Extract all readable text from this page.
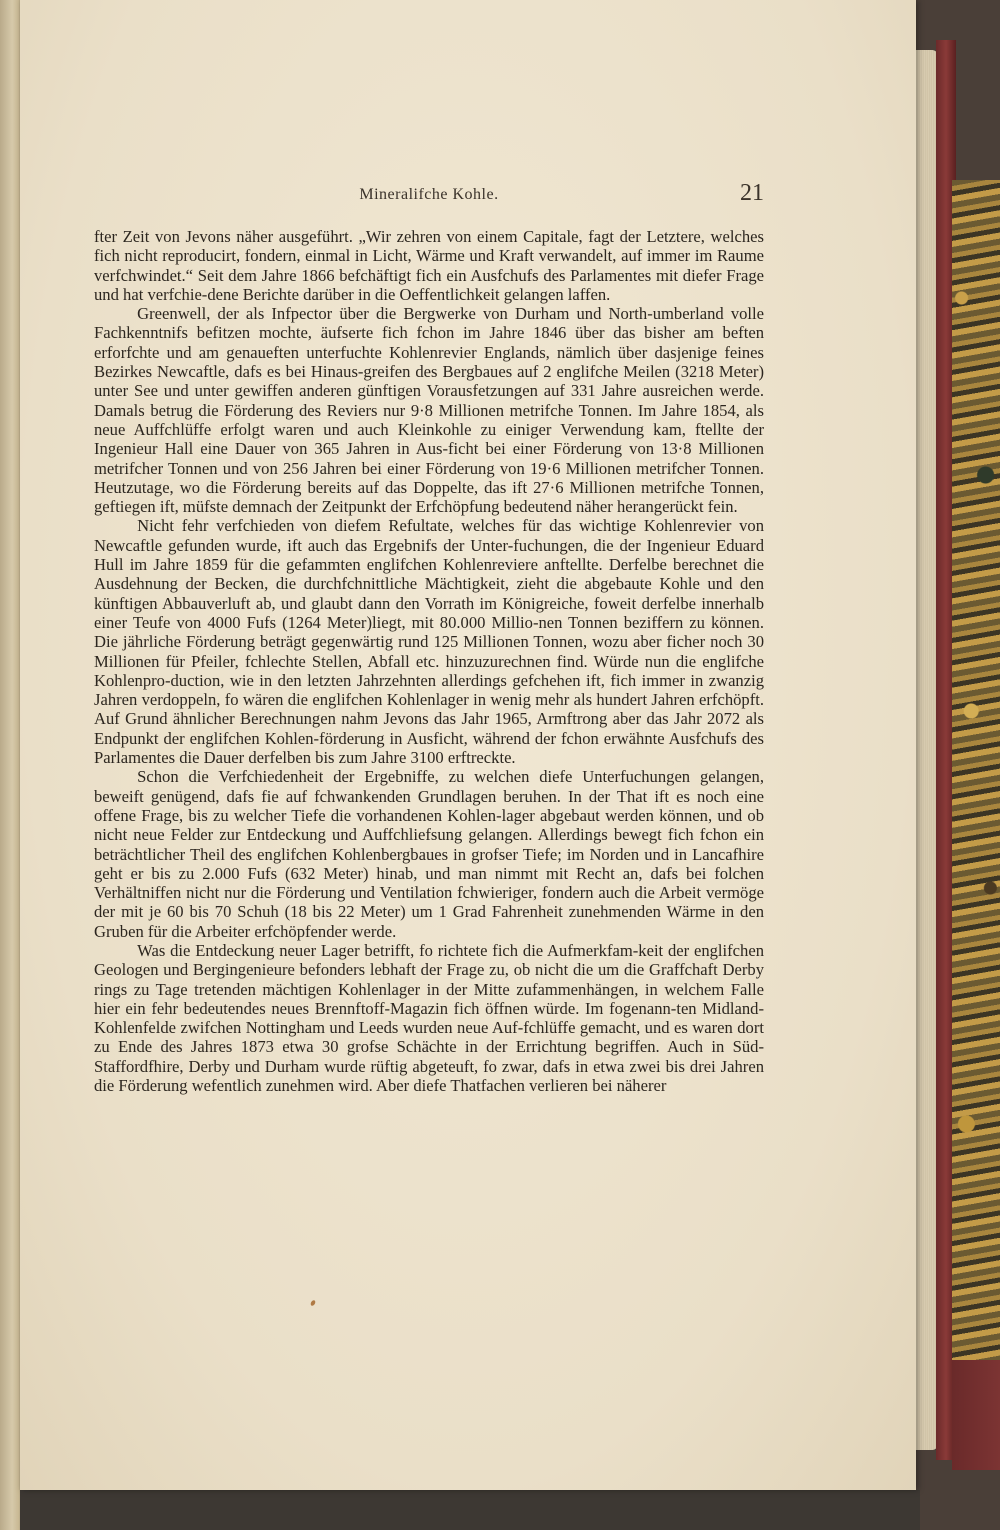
Mineralifche Kohle.	21

fter Zeit von Jevons näher ausgeführt. „Wir zehren von einem Capitale, fagt der Letztere, welches fich nicht reproducirt, fondern, einmal in Licht, Wärme und Kraft verwandelt, auf immer im Raume verfchwindet.“ Seit dem Jahre 1866 befchäftigt fich ein Ausfchufs des Parlamentes mit diefer Frage und hat verfchie-dene Berichte darüber in die Oeffentlichkeit gelangen laffen.

Greenwell, der als Infpector über die Bergwerke von Durham und North-umberland volle Fachkenntnifs befitzen mochte, äufserte fich fchon im Jahre 1846 über das bisher am beften erforfchte und am genaueften unterfuchte Kohlenrevier Englands, nämlich über dasjenige feines Bezirkes Newcaftle, dafs es bei Hinaus-greifen des Bergbaues auf 2 englifche Meilen (3218 Meter) unter See und unter gewiffen anderen günftigen Vorausfetzungen auf 331 Jahre ausreichen werde. Damals betrug die Förderung des Reviers nur 9·8 Millionen metrifche Tonnen. Im Jahre 1854, als neue Auffchlüffe erfolgt waren und auch Kleinkohle zu einiger Verwendung kam, ftellte der Ingenieur Hall eine Dauer von 365 Jahren in Aus-ficht bei einer Förderung von 13·8 Millionen metrifcher Tonnen und von 256 Jahren bei einer Förderung von 19·6 Millionen metrifcher Tonnen. Heutzutage, wo die Förderung bereits auf das Doppelte, das ift 27·6 Millionen metrifche Tonnen, geftiegen ift, müfste demnach der Zeitpunkt der Erfchöpfung bedeutend näher herangerückt fein.

Nicht fehr verfchieden von diefem Refultate, welches für das wichtige Kohlenrevier von Newcaftle gefunden wurde, ift auch das Ergebnifs der Unter-fuchungen, die der Ingenieur Eduard Hull im Jahre 1859 für die gefammten englifchen Kohlenreviere anftellte. Derfelbe berechnet die Ausdehnung der Becken, die durchfchnittliche Mächtigkeit, zieht die abgebaute Kohle und den künftigen Abbauverluft ab, und glaubt dann den Vorrath im Königreiche, foweit derfelbe innerhalb einer Teufe von 4000 Fufs (1264 Meter)liegt, mit 80.000 Millio-nen Tonnen beziffern zu können. Die jährliche Förderung beträgt gegenwärtig rund 125 Millionen Tonnen, wozu aber ficher noch 30 Millionen für Pfeiler, fchlechte Stellen, Abfall etc. hinzuzurechnen find. Würde nun die englifche Kohlenpro-duction, wie in den letzten Jahrzehnten allerdings gefchehen ift, fich immer in zwanzig Jahren verdoppeln, fo wären die englifchen Kohlenlager in wenig mehr als hundert Jahren erfchöpft. Auf Grund ähnlicher Berechnungen nahm Jevons das Jahr 1965, Armftrong aber das Jahr 2072 als Endpunkt der englifchen Kohlen-förderung in Ausficht, während der fchon erwähnte Ausfchufs des Parlamentes die Dauer derfelben bis zum Jahre 3100 erftreckte.

Schon die Verfchiedenheit der Ergebniffe, zu welchen diefe Unterfuchungen gelangen, beweift genügend, dafs fie auf fchwankenden Grundlagen beruhen. In der That ift es noch eine offene Frage, bis zu welcher Tiefe die vorhandenen Kohlen-lager abgebaut werden können, und ob nicht neue Felder zur Entdeckung und Auffchliefsung gelangen. Allerdings bewegt fich fchon ein beträchtlicher Theil des englifchen Kohlenbergbaues in grofser Tiefe; im Norden und in Lancafhire geht er bis zu 2.000 Fufs (632 Meter) hinab, und man nimmt mit Recht an, dafs bei folchen Verhältniffen nicht nur die Förderung und Ventilation fchwieriger, fondern auch die Arbeit vermöge der mit je 60 bis 70 Schuh (18 bis 22 Meter) um 1 Grad Fahrenheit zunehmenden Wärme in den Gruben für die Arbeiter erfchöpfender werde.

Was die Entdeckung neuer Lager betrifft, fo richtete fich die Aufmerkfam-keit der englifchen Geologen und Bergingenieure befonders lebhaft der Frage zu, ob nicht die um die Graffchaft Derby rings zu Tage tretenden mächtigen Kohlenlager in der Mitte zufammenhängen, in welchem Falle hier ein fehr bedeutendes neues Brennftoff-Magazin fich öffnen würde. Im fogenann-ten Midland-Kohlenfelde zwifchen Nottingham und Leeds wurden neue Auf-fchlüffe gemacht, und es waren dort zu Ende des Jahres 1873 etwa 30 grofse Schächte in der Errichtung begriffen. Auch in Süd-Staffordfhire, Derby und Durham wurde rüftig abgeteuft, fo zwar, dafs in etwa zwei bis drei Jahren die Förderung wefentlich zunehmen wird. Aber diefe Thatfachen verlieren bei näherer
